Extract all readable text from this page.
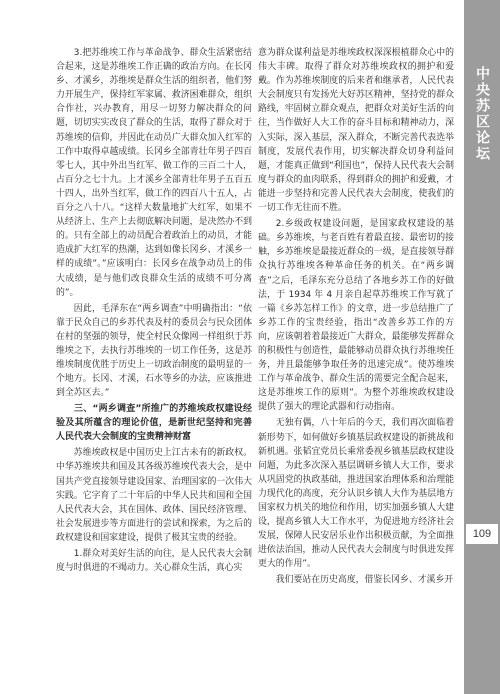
3.把苏维埃工作与革命战争、群众生活紧密结合起来，这是苏维埃工作正确的政治方向。在长冈乡、才溪乡，苏维埃是群众生活的组织者，他们努力开展生产，保持红军家属、救济困难群众，组织合作社，兴办教育，用尽一切努力解决群众的问题，切切实实改良了群众的生活，取得了群众对于苏维埃的信仰，并因此在动员广大群众加入红军的工作中取得卓越成绩。长冈乡全部青壮年男子四百零七人，其中外出当红军、做工作的三百二十人，占百分之七十九。上才溪乡全部青壮年男子五百五十四人，出外当红军，做工作的四百八十五人，占百分之八十八。“这样大数量地扩大红军，如果不从经济上、生产上去彻底解决问题，是决然办不到的。只有全部上的动员配合着政治上的动员，才能造成扩大红军的热潮，达到如像长冈乡、才溪乡一样的成绩”。”应该明白：长冈乡在战争动员上的伟大成绩，是与他们改良群众生活的成绩不可分离的”。

因此，毛泽东在“两乡调查”中明确指出：“依靠于民众自己的乡苏代表及村的委员会与民众团体在村的坚强的领导，使全村民众像网一样组织于苏维埃之下，去执行苏维埃的一切工作任务，这是苏维埃制度优胜于历史上一切政治制度的最明显的一个地方。长冈、才溪，石水等乡的办法，应该推进到全苏区去。”

三、“两乡调查”所推广的苏维埃政权建设经验及其所蕴含的理论价值，是新世纪坚持和完善人民代表大会制度的宝贵精神财富

苏维埃政权是中国历史上江古未有的新政权。中华苏维埃共和国及其各级苏维埃代表大会，是中国共产党直接领导建设国家、治理国家的一次伟大实践。它字育了二十年后的中华人民共和国和全国人民代表大会，其在国体、政体、国民经济管理、社会发展进步等方面进行的尝试和探索，为之后的政权建设和国家建设，提供了极其宝贵的经验。

1.群众对美好生活的向往，是人民代表大会制度与时俱进的不竭动力。关心群众生活，真心实

意为群众谋利益是苏维埃政权深深根植群众心中的伟大丰碑。取得了群众对苏维埃政权的拥护和爱戴。作为苏维埃制度的后来者和继承者，人民代表大会制度只有发扬光大好苏区精神，坚持党的群众路线，牢固树立群众观点，把群众对美好生活的向往，当作做好人大工作的奋斗目标和精神动力，深入实际，深入基层，深入群众，不断完善代表选举制度，发展代表作用，切实解决群众切身利益问题，才能真正做到“利国也”，保持人民代表大会制度与群众的血肉联系，得到群众的拥护和爱戴，才能进一步坚持和完善人民代表大会制度，使我们的一切工作无往而不胜。

2.乡级政权建设问题，是国家政权建设的基础。乡苏维埃，与老百姓有着最直接、最密切的接触，乡苏维埃是最接近群众的一级，是直接领导群众执行苏维埃各种革命任务的机关。在“两乡调查”之后，毛泽东充分总结了各地乡苏工作的好做法，于 1934 年 4 月亲自起草苏维埃工作写就了一篇《乡苏怎样工作》的文章，进一步总结推广了乡苏工作的宝贵经验，指出“改善乡苏工作的方向，应该朝着着最接近广大群众，最能够发挥群众的积极性与创造性，最能够动员群众执行苏维埃任务，并且最能够争取任务的迅速完成”。使苏维埃工作与革命战争、群众生活的需要完全配合起来，这是苏维埃工作的原则”。为整个苏维埃政权建设提供了强大的理论武器和行动指南。

无独有偶，八十年后的今天，我们再次面临着新形势下，如何做好乡镇基层政权建设的新挑战和新机遇。张韬宜党员长乘常委视乡镇基层政权建设问题，为此多次深入基层调研乡镇人大工作，要求从巩固党的执政基础，推进国家治理体系和治理能力现代化的高度，充分认识乡镇人大作为基层地方国家权力机关的地位和作用，切实加强乡镇人大建设，提高乡镇人大工作水平，为促进地方经济社会发展，保障人民安居乐业作出积极贡献，为全面推进依法治国，推动人民代表大会制度与时俱进发挥更大的作用”。

我们要站在历史高度，借鉴长冈乡、才溪乡开

中央苏区论坛
109
